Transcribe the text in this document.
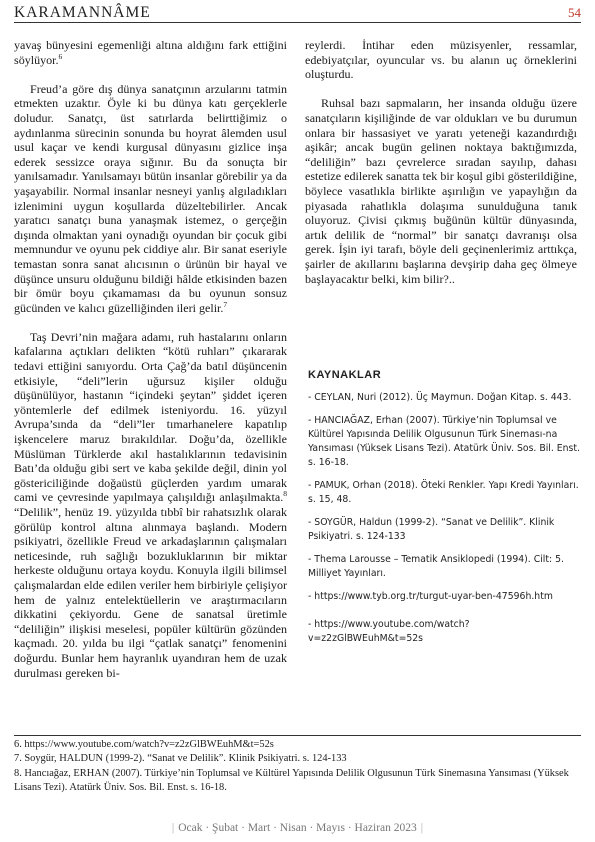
KARAMANNÂME	54

yavaş bünyesini egemenliği altına aldığını fark ettiğini söylüyor.$^6$

Freud’a göre dış dünya sanatçının arzularını tatmin etmekten uzaktır. Öyle ki bu dünya katı gerçeklerle doludur. Sanatçı, üst satırlarda belirttiğimiz o aydınlanma sürecinin sonunda bu hoyrat âlemden usul usul kaçar ve kendi kurgusal dünyasını gizlice inşa ederek sessizce oraya sığınır. Bu da sonuçta bir yanılsamadır. Yanılsamayı bütün insanlar görebilir ya da yaşayabilir. Normal insanlar nesneyi yanlış algıladıkları izlenimini uygun koşullarda düzeltebilirler. Ancak yaratıcı sanatçı buna yanaşmak istemez, o gerçeğin dışında olmaktan yani oynadığı oyundan bir çocuk gibi memnundur ve oyunu pek ciddiye alır. Bir sanat eseriyle temastan sonra sanat alıcısının o ürünün bir hayal ve düşünce unsuru olduğunu bildiği hâlde etkisinden bazen bir ömür boyu çıkamaması da bu oyunun sonsuz gücünden ve kalıcı güzelliğinden ileri gelir.$^7$

Taş Devri’nin mağara adamı, ruh hastalarını onların kafalarına açtıkları delikten “kötü ruhları” çıkararak tedavi ettiğini sanıyordu. Orta Çağ’da batıl düşüncenin etkisiyle, “deli”lerin uğursuz kişiler olduğu düşünülüyor, hastanın “içindeki şeytan” şiddet içeren yöntemlerle def edilmek isteniyordu. 16. yüzyıl Avrupa’sında da “deli”ler tımarhanelere kapatılıp işkencelere maruz bırakıldılar. Doğu’da, özellikle Müslüman Türklerde akıl hastalıklarının tedavisinin Batı’da olduğu gibi sert ve kaba şekilde değil, dinin yol göstericiliğinde doğaüstü güçlerden yardım umarak cami ve çevresinde yapılmaya çalışıldığı anlaşılmakta.$^8$ “Delilik”, henüz 19. yüzyılda tıbbî bir rahatsızlık olarak görülüp kontrol altına alınmaya başlandı. Modern psikiyatri, özellikle Freud ve arkadaşlarının çalışmaları neticesinde, ruh sağlığı bozukluklarının bir miktar herkeste olduğunu ortaya koydu. Konuyla ilgili bilimsel çalışmalardan elde edilen veriler hem birbiriyle çelişiyor hem de yalnız entelektüellerin ve araştırmacıların dikkatini çekiyordu. Gene de sanatsal üretimle “deliliğin” ilişkisi meselesi, popüler kültürün gözünden kaçmadı. 20. yılda bu ilgi “çatlak sanatçı” fenomenini doğurdu. Bunlar hem hayranlık uyandıran hem de uzak durulması gereken bi-

reylerdi. İntihar eden müzisyenler, ressamlar, edebiyatçılar, oyuncular vs. bu alanın uç örneklerini oluşturdu.

Ruhsal bazı sapmaların, her insanda olduğu üzere sanatçıların kişiliğinde de var oldukları ve bu durumun onlara bir hassasiyet ve yaratı yeteneği kazandırdığı aşikâr; ancak bugün gelinen noktaya baktığımızda, “deliliğin” bazı çevrelerce sıradan sayılıp, dahası estetize edilerek sanatta tek bir koşul gibi gösterildiğine, böylece vasatlıkla birlikte aşırılığın ve yapaylığın da piyasada rahatlıkla dolaşıma sunulduğuna tanık oluyoruz. Çivisi çıkmış buğünün kültür dünyasında, artık delilik de “normal” bir sanatçı davranışı olsa gerek. İşin iyi tarafı, böyle deli geçinenlerimiz arttıkça, şairler de akıllarını başlarına devşirip daha geç ölmeye başlayacaktır belki, kim bilir?..

KAYNAKLAR
- CEYLAN, Nuri (2012). Üç Maymun. Doğan Kitap. s. 443.
- HANCIAĞAZ, Erhan (2007). Türkiye’nin Toplumsal ve Kültürel Yapısında Delilik Olgusunun Türk Sineması-na Yansıması (Yüksek Lisans Tezi). Atatürk Üniv. Sos. Bil. Enst. s. 16-18.
- PAMUK, Orhan (2018). Öteki Renkler. Yapı Kredi Yayınları. s. 15, 48.
- SOYGÜR, Haldun (1999-2). “Sanat ve Delilik”. Klinik Psikiyatri. s. 124-133
- Thema Larousse – Tematik Ansiklopedi (1994). Cilt: 5. Milliyet Yayınları.
- https://www.tyb.org.tr/turgut-uyar-ben-47596h.htm
- https://www.youtube.com/watch?v=z2zGlBWEuhM&t=52s
6. https://www.youtube.com/watch?v=z2zGlBWEuhM&t=52s
7. Soygür, HALDUN (1999-2). “Sanat ve Delilik”. Klinik Psikiyatri. s. 124-133
8. Hancıağaz, ERHAN (2007). Türkiye’nin Toplumsal ve Kültürel Yapısında Delilik Olgusunun Türk Sinemasına Yansıması (Yüksek Lisans Tezi). Atatürk Üniv. Sos. Bil. Enst. s. 16-18.
| Ocak · Şubat · Mart · Nisan · Mayıs · Haziran 2023 |
